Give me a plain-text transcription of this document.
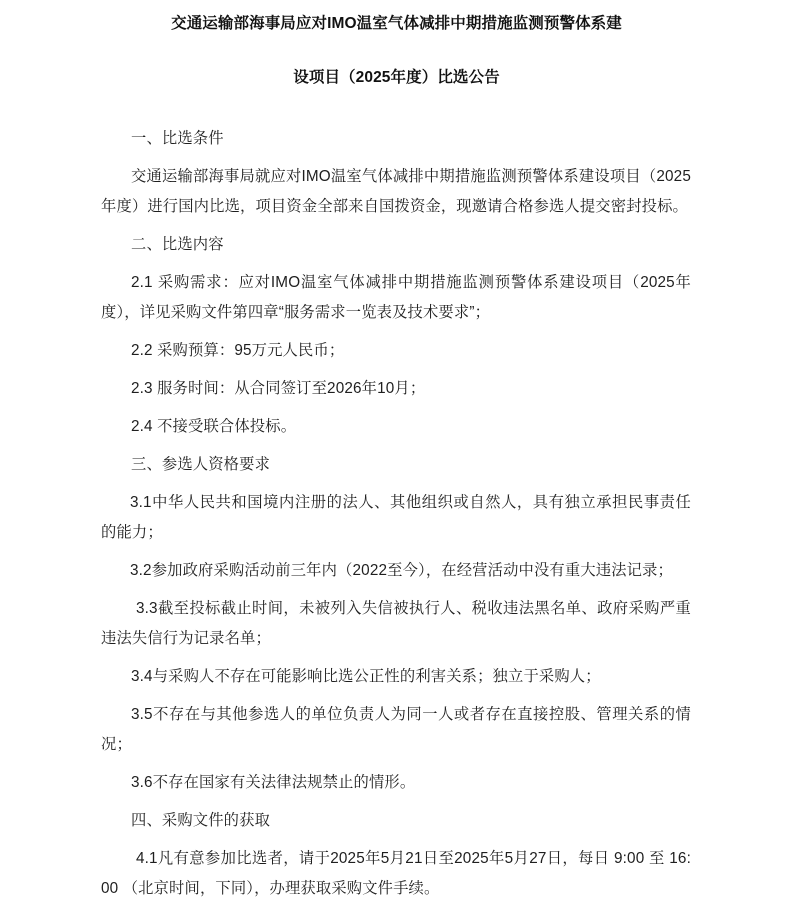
交通运输部海事局应对IMO温室气体减排中期措施监测预警体系建
设项目（2025年度）比选公告

一、比选条件

交通运输部海事局就应对IMO温室气体减排中期措施监测预警体系建设项目（2025年度）进行国内比选，项目资金全部来自国拨资金，现邀请合格参选人提交密封投标。

二、比选内容

2.1 采购需求：应对IMO温室气体减排中期措施监测预警体系建设项目（2025年度），详见采购文件第四章“服务需求一览表及技术要求”；

2.2 采购预算：95万元人民币；

2.3 服务时间：从合同签订至2026年10月；

2.4 不接受联合体投标。

三、参选人资格要求

3.1中华人民共和国境内注册的法人、其他组织或自然人，具有独立承担民事责任的能力；

3.2参加政府采购活动前三年内（2022至今），在经营活动中没有重大违法记录；

3.3截至投标截止时间，未被列入失信被执行人、税收违法黑名单、政府采购严重违法失信行为记录名单；

3.4与采购人不存在可能影响比选公正性的利害关系；独立于采购人；

3.5不存在与其他参选人的单位负责人为同一人或者存在直接控股、管理关系的情况；

3.6不存在国家有关法律法规禁止的情形。

四、采购文件的获取

4.1凡有意参加比选者，请于2025年5月21日至2025年5月27日，每日 9:00 至 16:00 （北京时间，下同），办理获取采购文件手续。
